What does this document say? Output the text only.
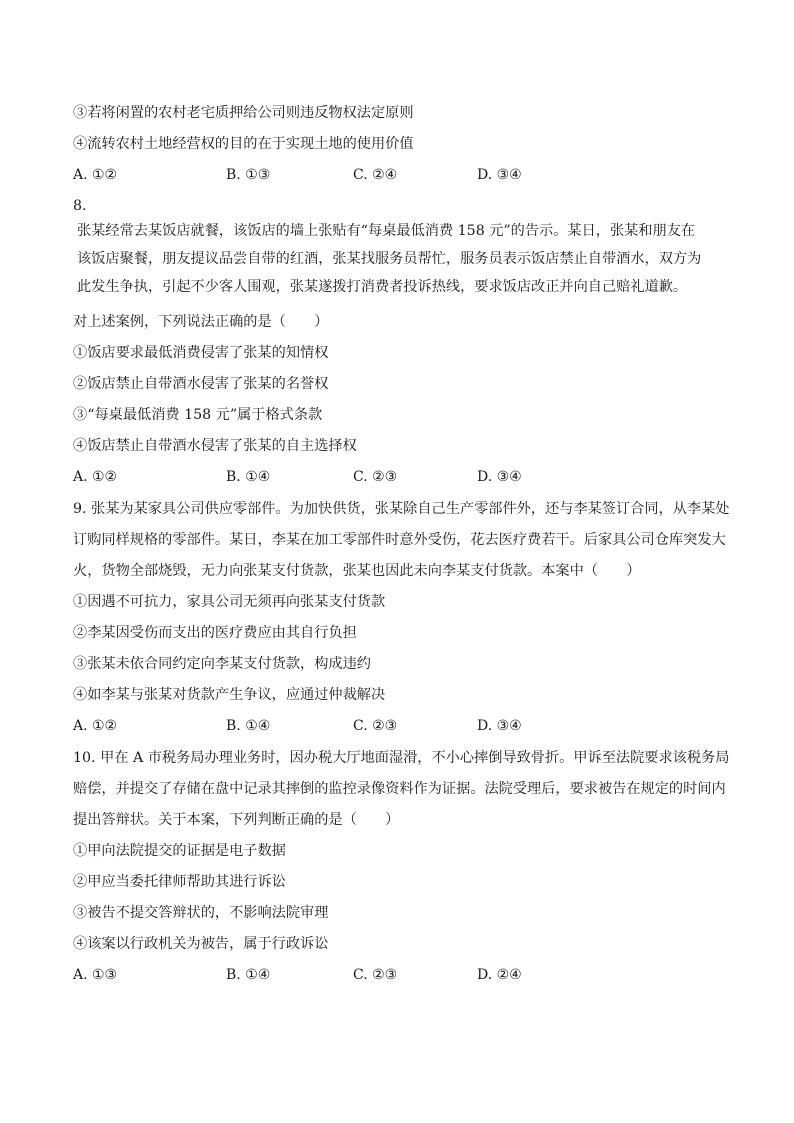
③若将闲置的农村老宅质押给公司则违反物权法定原则
④流转农村土地经营权的目的在于实现土地的使用价值
A. ①②	B. ①③	C. ②④	D. ③④
8.
张某经常去某饭店就餐，该饭店的墙上张贴有“每桌最低消费 158 元”的告示。某日，张某和朋友在
该饭店聚餐，朋友提议品尝自带的红酒，张某找服务员帮忙，服务员表示饭店禁止自带酒水，双方为
此发生争执，引起不少客人围观，张某遂拨打消费者投诉热线，要求饭店改正并向自己赔礼道歉。
对上述案例，下列说法正确的是（　　）
①饭店要求最低消费侵害了张某的知情权
②饭店禁止自带酒水侵害了张某的名誉权
③“每桌最低消费 158 元”属于格式条款
④饭店禁止自带酒水侵害了张某的自主选择权
A. ①②	B. ①④	C. ②③	D. ③④
9. 张某为某家具公司供应零部件。为加快供货，张某除自己生产零部件外，还与李某签订合同，从李某处
订购同样规格的零部件。某日，李某在加工零部件时意外受伤，花去医疗费若干。后家具公司仓库突发大
火，货物全部烧毁，无力向张某支付货款，张某也因此未向李某支付货款。本案中（　　）
①因遇不可抗力，家具公司无须再向张某支付货款
②李某因受伤而支出的医疗费应由其自行负担
③张某未依合同约定向李某支付货款，构成违约
④如李某与张某对货款产生争议，应通过仲裁解决
A. ①②	B. ①④	C. ②③	D. ③④
10. 甲在 A 市税务局办理业务时，因办税大厅地面湿滑，不小心摔倒导致骨折。甲诉至法院要求该税务局
赔偿，并提交了存储在盘中记录其摔倒的监控录像资料作为证据。法院受理后，要求被告在规定的时间内
提出答辩状。关于本案，下列判断正确的是（　　）
①甲向法院提交的证据是电子数据
②甲应当委托律师帮助其进行诉讼
③被告不提交答辩状的，不影响法院审理
④该案以行政机关为被告，属于行政诉讼
A. ①③	B. ①④	C. ②③	D. ②④
